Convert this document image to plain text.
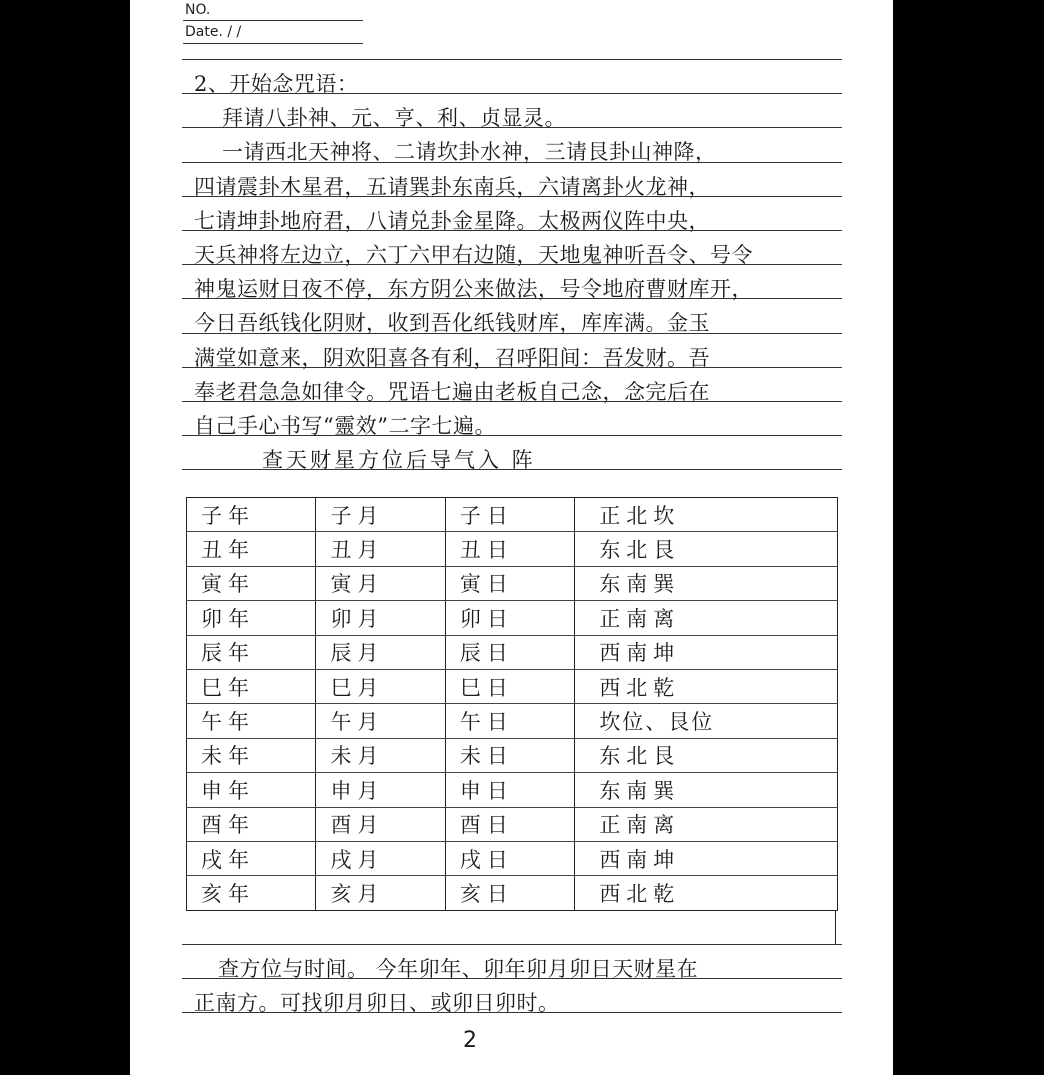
NO.
Date. / /
2、开始念咒语：
拜请八卦神、元、亨、利、贞显灵。
一请西北天神将、二请坎卦水神，三请艮卦山神降，
四请震卦木星君，五请巽卦东南兵，六请离卦火龙神，
七请坤卦地府君，八请兑卦金星降。太极两仪阵中央，
天兵神将左边立，六丁六甲右边随，天地鬼神听吾令、号令
神鬼运财日夜不停，东方阴公来做法，号令地府曹财库开，
今日吾纸钱化阴财，收到吾化纸钱财库，库库满。金玉
满堂如意来，阴欢阳喜各有利，召呼阳间：吾发财。吾
奉老君急急如律令。咒语七遍由老板自己念，念完后在
自己手心书写“靈效”二字七遍。
查天财星方位后导气入 阵
子年	子月	子日	正北坎
丑年	丑月	丑日	东北艮
寅年	寅月	寅日	东南巽
卯年	卯月	卯日	正南离
辰年	辰月	辰日	西南坤
巳年	巳月	巳日	西北乾
午年	午月	午日	坎位、艮位
未年	未月	未日	东北艮
申年	申月	申日	东南巽
酉年	酉月	酉日	正南离
戌年	戌月	戌日	西南坤
亥年	亥月	亥日	西北乾
查方位与时间。 今年卯年、卯年卯月卯日天财星在
正南方。可找卯月卯日、或卯日卯时。
2
